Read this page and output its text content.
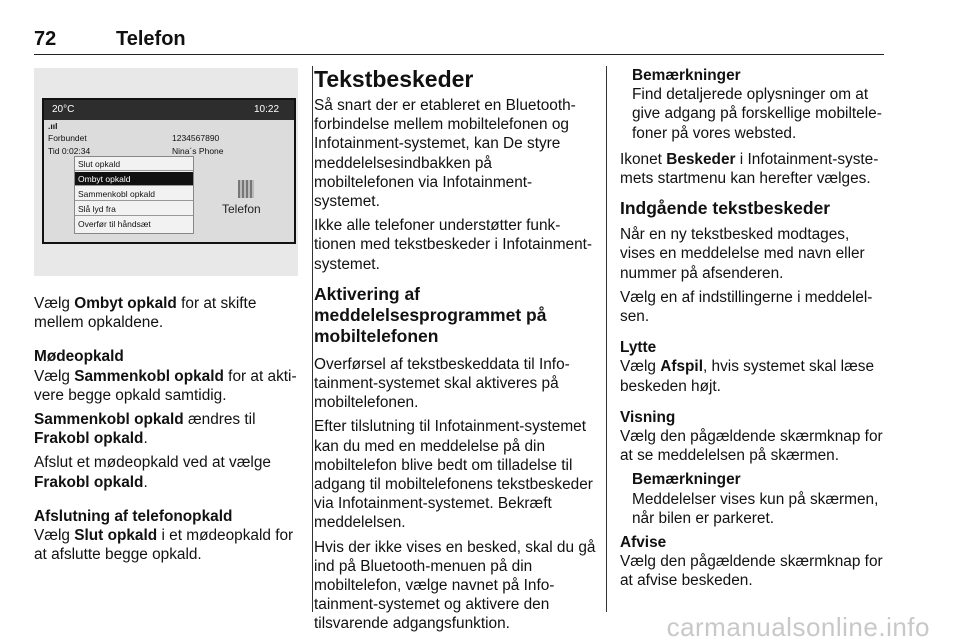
72	Telefon
20°C	10:22
.ııl
Forbundet	1234567890
Tid 0:02:34	Nina´s Phone
Slut opkald
Ombyt opkald
Sammenkobl opkald
Slå lyd fra
Overfør til håndsæt
Telefon

Vælg Ombyt opkald for at skifte mellem opkaldene.

Mødeopkald

Vælg Sammenkobl opkald for at aktivere begge opkald samtidig.

Sammenkobl opkald ændres til Frakobl opkald.

Afslut et mødeopkald ved at vælge Frakobl opkald.

Afslutning af telefonopkald

Vælg Slut opkald i et mødeopkald for at afslutte begge opkald.

Tekstbeskeder

Så snart der er etableret en Bluetooth-forbindelse mellem mobiltelefonen og Infotainment-systemet, kan De styre meddelelsesindbakken på mobiltelefonen via Infotainment-systemet.

Ikke alle telefoner understøtter funktionen med tekstbeskeder i Infotainment-systemet.

Aktivering af meddelelsesprogrammet på mobiltelefonen

Overførsel af tekstbeskeddata til Infotainment-systemet skal aktiveres på mobiltelefonen.

Efter tilslutning til Infotainment-systemet kan du med en meddelelse på din mobiltelefon blive bedt om tilladelse til adgang til mobiltelefonens tekstbeskeder via Infotainment-systemet. Bekræft meddelelsen.

Hvis der ikke vises en besked, skal du gå ind på Bluetooth-menuen på din mobiltelefon, vælge navnet på Infotainment-systemet og aktivere den tilsvarende adgangsfunktion.

Bemærkninger

Find detaljerede oplysninger om at give adgang på forskellige mobiltelefoner på vores websted.

Ikonet Beskeder i Infotainment-systemets startmenu kan herefter vælges.

Indgående tekstbeskeder

Når en ny tekstbesked modtages, vises en meddelelse med navn eller nummer på afsenderen.

Vælg en af indstillingerne i meddelelsen.

Lytte

Vælg Afspil, hvis systemet skal læse beskeden højt.

Visning

Vælg den pågældende skærmknap for at se meddelelsen på skærmen.

Bemærkninger

Meddelelser vises kun på skærmen, når bilen er parkeret.

Afvise

Vælg den pågældende skærmknap for at afvise beskeden.

carmanualsonline.info
